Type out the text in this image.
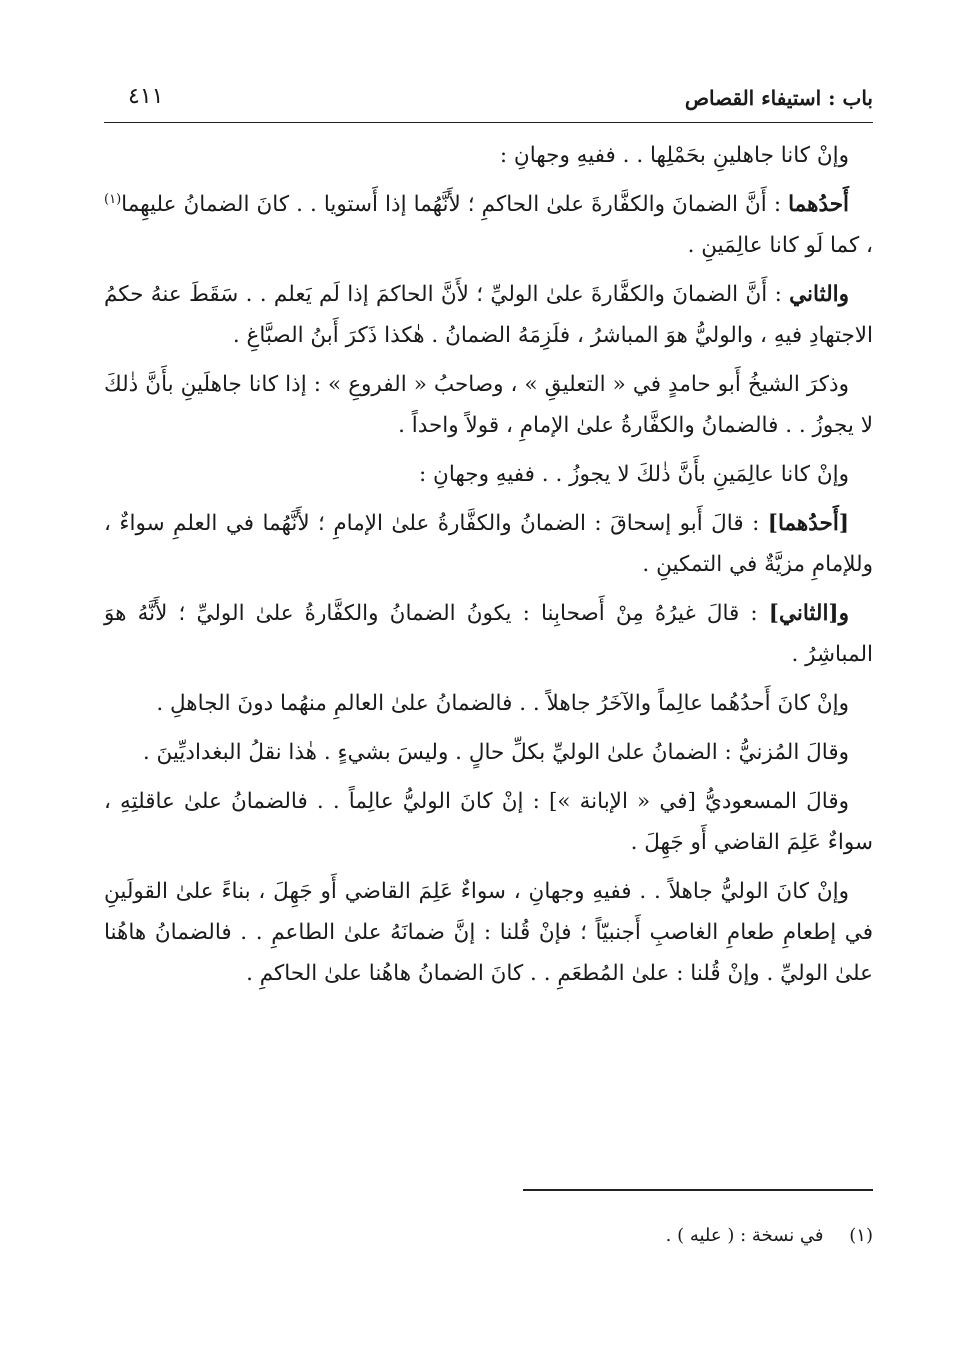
باب : استيفاء القصاص
٤١١

وإنْ كانا جاهلينِ بحَمْلِها . . ففيهِ وجهانِ :

أَحدُهما : أَنَّ الضمانَ والكفَّارةَ علىٰ الحاكمِ ؛ لأَنَّهُما إذا أَستويا . . كانَ الضمانُ عليهِما$^{(١)}$ ، كما لَو كانا عالِمَينِ .

والثاني : أَنَّ الضمانَ والكفَّارةَ علىٰ الوليِّ ؛ لأَنَّ الحاكمَ إذا لَم يَعلم . . سَقَطَ عنهُ حكمُ الاجتهادِ فيهِ ، والوليُّ هوَ المباشرُ ، فلَزِمَهُ الضمانُ . هٰكذا ذَكرَ أَبنُ الصبَّاغِ .

وذكرَ الشيخُ أَبو حامدٍ في « التعليقِ » ، وصاحبُ « الفروعِ » : إذا كانا جاهلَينِ بأَنَّ ذٰلكَ لا يجوزُ . . فالضمانُ والكفَّارةُ علىٰ الإمامِ ، قولاً واحداً .

وإنْ كانا عالِمَينِ بأَنَّ ذٰلكَ لا يجوزُ . . ففيهِ وجهانِ :

[أَحدُهما] : قالَ أَبو إسحاقَ : الضمانُ والكفَّارةُ علىٰ الإمامِ ؛ لأَنَّهُما في العلمِ سواءٌ ، وللإمامِ مزيَّةٌ في التمكينِ .

و[الثاني] : قالَ غيرُهُ مِنْ أَصحابِنا : يكونُ الضمانُ والكفَّارةُ علىٰ الوليِّ ؛ لأَنَّهُ هوَ المباشِرُ .

وإنْ كانَ أَحدُهُما عالِماً والآخَرُ جاهلاً . . فالضمانُ علىٰ العالمِ منهُما دونَ الجاهلِ .

وقالَ المُزنيُّ : الضمانُ علىٰ الوليِّ بكلِّ حالٍ . وليسَ بشيءٍ . هٰذا نقلُ البغداديِّينَ .

وقالَ المسعوديُّ [في « الإبانة »] : إنْ كانَ الوليُّ عالِماً . . فالضمانُ علىٰ عاقلتِهِ ، سواءٌ عَلِمَ القاضي أَو جَهِلَ .

وإنْ كانَ الوليُّ جاهلاً . . ففيهِ وجهانِ ، سواءٌ عَلِمَ القاضي أَو جَهِلَ ، بناءً علىٰ القولَينِ في إطعامِ طعامِ الغاصبِ أَجنبيّاً ؛ فإنْ قُلنا : إنَّ ضمانَهُ علىٰ الطاعمِ . . فالضمانُ هاهُنا علىٰ الوليِّ . وإنْ قُلنا : علىٰ المُطعَمِ . . كانَ الضمانُ هاهُنا علىٰ الحاكمِ .

(١) في نسخة : ( عليه ) .
